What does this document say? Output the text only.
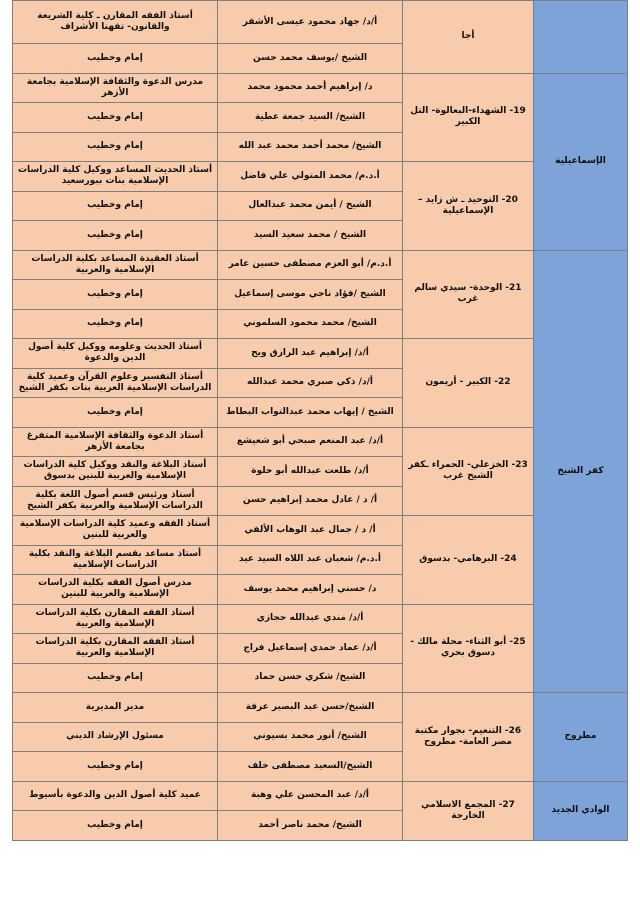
	أجا	أ/د/ جهاد محمود عيسى الأشقر	أستاذ الفقه المقارن ـ كلية الشريعة والقانون- تفهنا الأشراف
		الشيخ /يوسف محمد حسن	إمام وخطيب
الإسماعيلية	19- الشهداء-البعالوة- التل الكبير	د/ إبراهيم أحمد محمود محمد	مدرس الدعوة والثقافة الإسلامية بجامعة الأزهر
		الشيخ/ السيد جمعة عطية	إمام وخطيب
		الشيخ/ محمد أحمد محمد عبد الله	إمام وخطيب
	20- التوحيد ـ ش زايد – الإسماعيلية	أ.د.م/ محمد المتولي علي فاضل	أستاذ الحديث المساعد ووكيل كلية الدراسات الإسلامية بنات ببورسعيد
		الشيخ / أيمن محمد عبدالعال	إمام وخطيب
		الشيخ / محمد سعيد السيد	إمام وخطيب
كفر الشيخ	21- الوحدة- سيدي سالم غرب	أ.د.م/ أبو العزم مصطفى حسين عامر	أستاذ العقيدة المساعد بكلية الدراسات الإسلامية والعربية
		الشيخ /فؤاد ناجي موسى إسماعيل	إمام وخطيب
		الشيخ/ محمد محمود السلموني	إمام وخطيب
	22- الكبير - أريمون	أ/د/ إبراهيم عبد الرازق ويح	أستاذ الحديث وعلومه ووكيل كلية أصول الدين والدعوة
		أ/د/ ذكي صبري محمد عبدالله	أستاذ التفسير وعلوم القرآن وعميد كلية الدراسات الإسلامية العربية بنات بكفر الشيخ
		الشيخ / إيهاب محمد عبدالتواب البطاط	إمام وخطيب
	23- الخزعلي- الحمراء ـكفر الشيخ غرب	أ/د/ عبد المنعم صبحي أبو شعيشع	أستاذ الدعوة والثقافة الإسلامية المتفرغ بجامعة الأزهر
		أ/د/ طلعت عبدالله أبو حلوة	أستاذ البلاغة والنقد ووكيل كلية الدراسات الإسلامية والعربية للبنين بدسوق
		أ/ د / عادل محمد إبراهيم حسن	أستاذ ورئيس قسم أصول اللغة بكلية الدراسات الإسلامية والعربية بكفر الشيخ
	24- البرهامي- بدسوق	أ/ د / جمال عبد الوهاب الألفي	أستاذ الفقه وعميد كلية الدراسات الإسلامية والعربية للبنين
		أ.د.م/ شعبان عبد اللاه السيد عيد	أستاذ مساعد بقسم البلاغة والنقد بكلية الدراسات الإسلامية
		د/ حسني إبراهيم محمد يوسف	مدرس أصول الفقه بكلية الدراسات الإسلامية والعربية للبنين
	25- أبو الثناء- محلة مالك - دسوق بحري	أ/د/ مندي عبدالله حجازي	أستاذ الفقه المقارن بكلية الدراسات الإسلامية والعربية
		أ/د/ عماد حمدي إسماعيل فراج	أستاذ الفقه المقارن بكلية الدراسات الإسلامية والعربية
		الشيخ/ شكري حسن حماد	إمام وخطيب
مطروح	26- التنعيم- بجوار مكتبة مصر العامة- مطروح	الشيخ/حسن عبد البصير عرفة	مدير المديرية
		الشيخ/ أنور محمد بسيوني	مسئول الإرشاد الديني
		الشيخ/السعيد مصطفى خلف	إمام وخطيب
الوادي الجديد	27- المجمع الاسلامي الخارجة	أ/د/ عبد المحسن علي وهبة	عميد كلية أصول الدين والدعوة بأسيوط
		الشيخ/ محمد ناصر أحمد	إمام وخطيب
